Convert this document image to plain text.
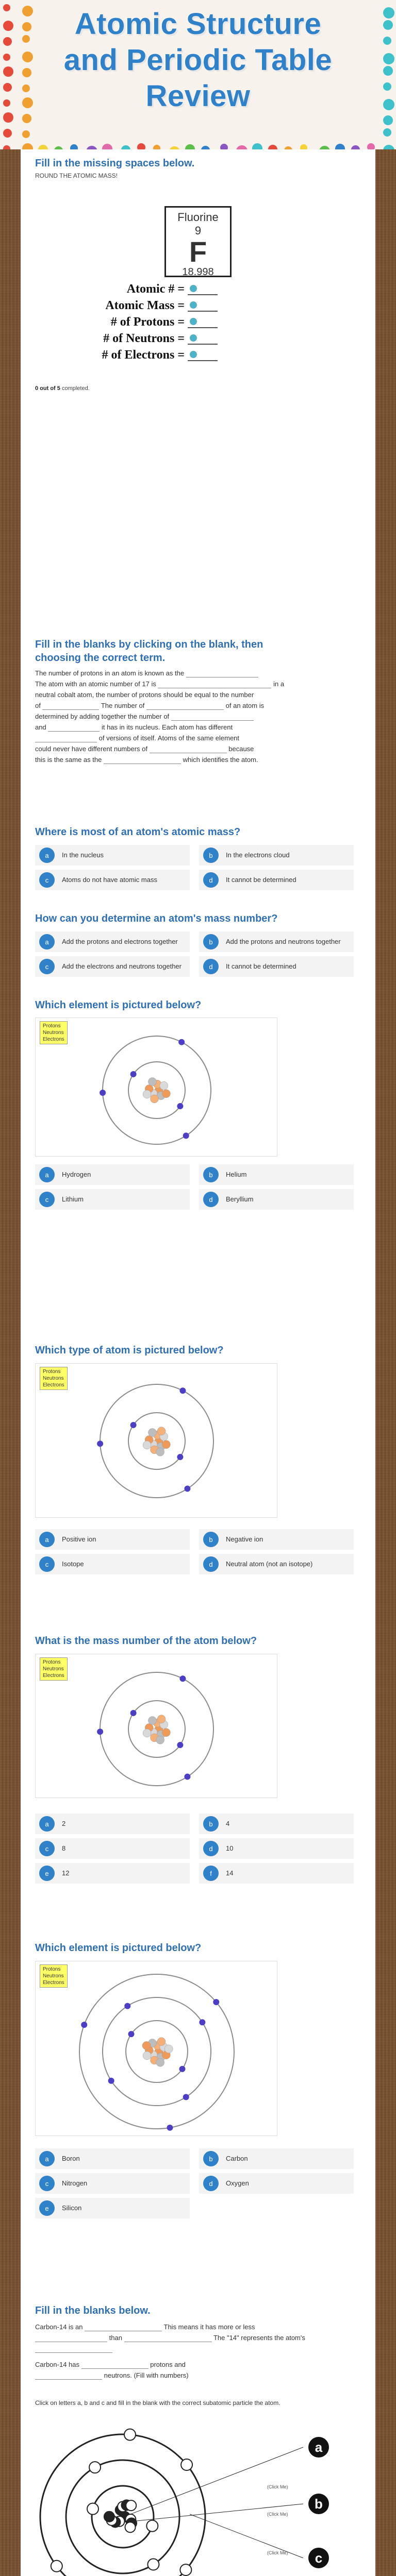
Atomic Structure
and Periodic Table
Review
Fill in the missing spaces below.
ROUND THE ATOMIC MASS!
Fluorine
9
F
18.998
Atomic # =
Atomic Mass =
# of Protons =
# of Neutrons =
# of Electrons =
0 out of 5 completed.
Fill in the blanks by clicking on the blank, then
choosing the correct term.
The number of protons in an atom is known as the
The atom with an atomic number of 17 is	in a
neutral cobalt atom, the number of protons should be equal to the number
of	The number of	of an atom is
determined by adding together the number of
and	it has in its nucleus. Each atom has different
of versions of itself. Atoms of the same element
could never have different numbers of	because
this is the same as the	which identifies the atom.
Where is most of an atom's atomic mass?
a	In the nucleus	b	In the electrons cloud
c	Atoms do not have atomic mass	d	It cannot be determined
How can you determine an atom's mass number?
a	Add the protons and electrons together	b	Add the protons and neutrons together
c	Add the electrons and neutrons together	d	It cannot be determined
Which element is pictured below?
Protons
Neutrons
Electrons
a	Hydrogen	b	Helium
c	Lithium	d	Beryllium
Which type of atom is pictured below?
Protons
Neutrons
Electrons
a	Positive ion	b	Negative ion
c	Isotope	d	Neutral atom (not an isotope)
What is the mass number of the atom below?
Protons
Neutrons
Electrons
a	2	b	4
c	8	d	10
e	12	f	14
Which element is pictured below?
Protons
Neutrons
Electrons
a	Boron	b	Carbon
c	Nitrogen	d	Oxygen
e	Silicon
Fill in the blanks below.
Carbon-14 is an	This means it has more or less
than	The "14" represents the atom's
Carbon-14 has	protons and
neutrons. (Fill with numbers)
Click on letters a, b and c and fill in the blank with the correct subatomic particle the atom.
a
b
c
(Click Me)
(Click Me)
(Click Me)
